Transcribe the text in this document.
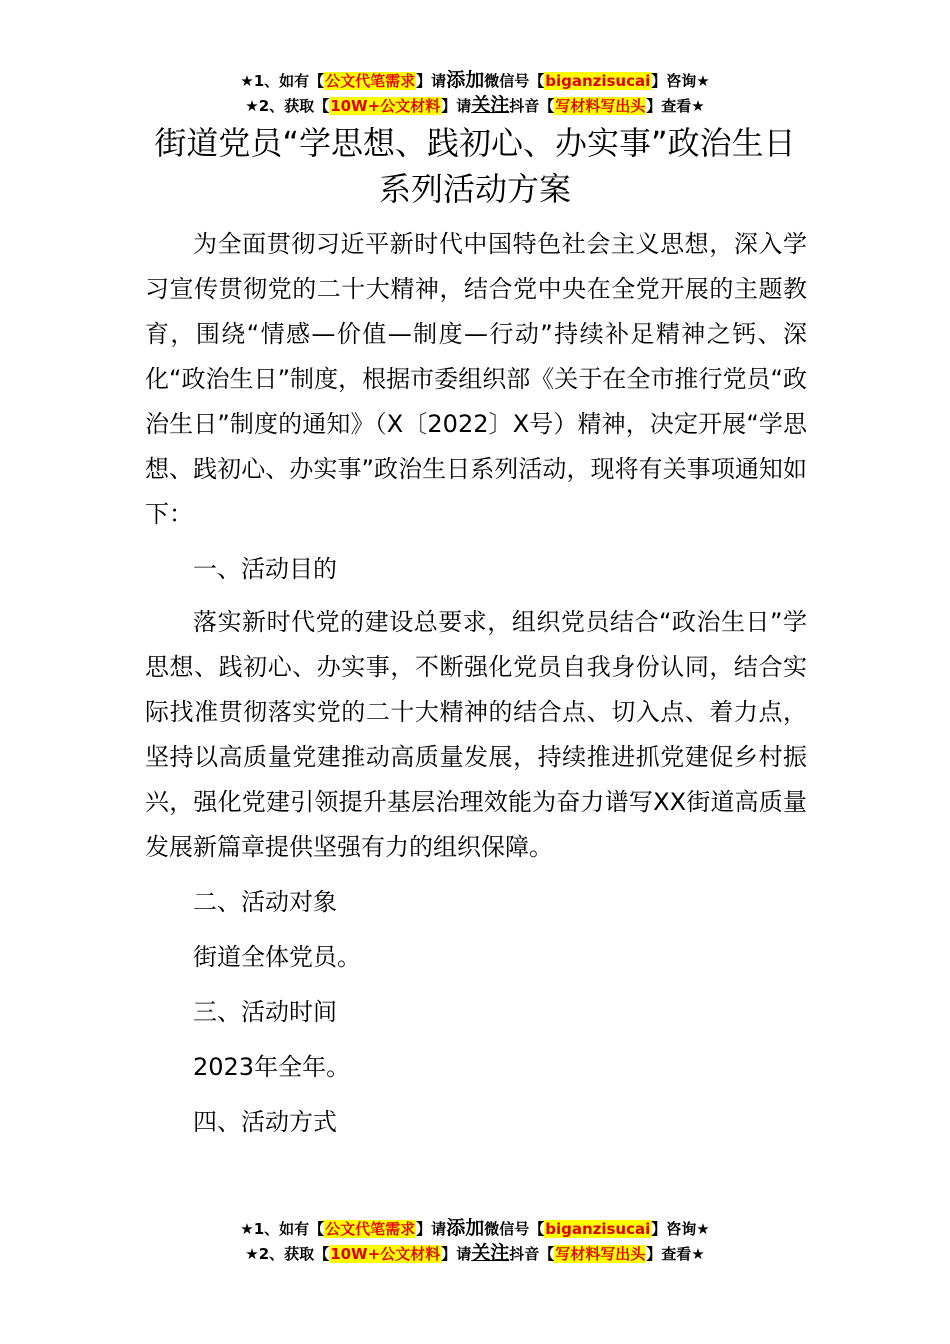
★1、如有【公文代笔需求】请添加微信号【biganzisucai】咨询★
★2、获取【10W+公文材料】请关注抖音【写材料写出头】查看★
街道党员“学思想、践初心、办实事”政治生日系列活动方案

为全面贯彻习近平新时代中国特色社会主义思想，深入学习宣传贯彻党的二十大精神，结合党中央在全党开展的主题教育，围绕“情感—价值—制度—行动”持续补足精神之钙、深化“政治生日”制度，根据市委组织部《关于在全市推行党员“政治生日”制度的通知》（X〔2022〕X号）精神，决定开展“学思想、践初心、办实事”政治生日系列活动，现将有关事项通知如下：

一、活动目的

落实新时代党的建设总要求，组织党员结合“政治生日”学思想、践初心、办实事，不断强化党员自我身份认同，结合实际找准贯彻落实党的二十大精神的结合点、切入点、着力点，坚持以高质量党建推动高质量发展，持续推进抓党建促乡村振兴，强化党建引领提升基层治理效能为奋力谱写XX街道高质量发展新篇章提供坚强有力的组织保障。

二、活动对象

街道全体党员。

三、活动时间

2023年全年。

四、活动方式

★1、如有【公文代笔需求】请添加微信号【biganzisucai】咨询★
★2、获取【10W+公文材料】请关注抖音【写材料写出头】查看★
